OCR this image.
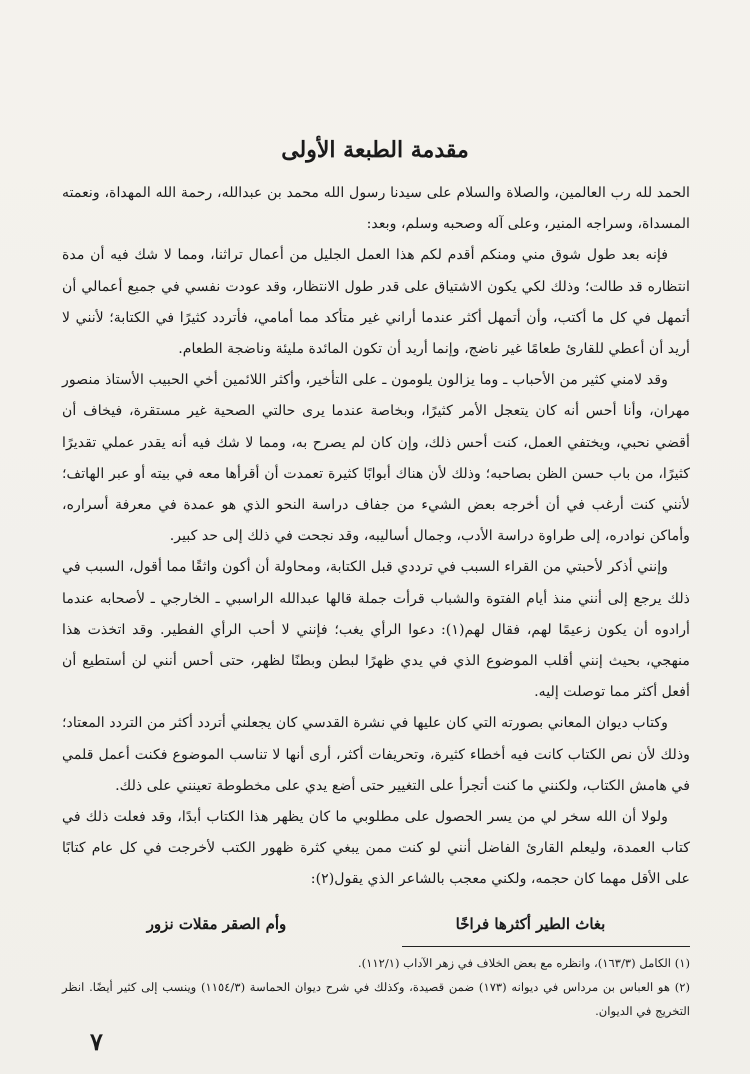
مقدمة الطبعة الأولى

الحمد لله رب العالمين، والصلاة والسلام على سيدنا رسول الله محمد بن عبدالله، رحمة الله المهداة، ونعمته المسداة، وسراجه المنير، وعلى آله وصحبه وسلم، وبعد:

فإنه بعد طول شوق مني ومنكم أقدم لكم هذا العمل الجليل من أعمال تراثنا، ومما لا شك فيه أن مدة انتظاره قد طالت؛ وذلك لكي يكون الاشتياق على قدر طول الانتظار، وقد عودت نفسي في جميع أعمالي أن أتمهل في كل ما أكتب، وأن أتمهل أكثر عندما أراني غير متأكد مما أمامي، فأتردد كثيرًا في الكتابة؛ لأنني لا أريد أن أعطي للقارئ طعامًا غير ناضج، وإنما أريد أن تكون المائدة مليئة وناضجة الطعام.

وقد لامني كثير من الأحباب ـ وما يزالون يلومون ـ على التأخير، وأكثر اللائمين أخي الحبيب الأستاذ منصور مهران، وأنا أحس أنه كان يتعجل الأمر كثيرًا، وبخاصة عندما يرى حالتي الصحية غير مستقرة، فيخاف أن أقضي نحبي، ويختفي العمل، كنت أحس ذلك، وإن كان لم يصرح به، ومما لا شك فيه أنه يقدر عملي تقديرًا كثيرًا، من باب حسن الظن بصاحبه؛ وذلك لأن هناك أبوابًا كثيرة تعمدت أن أقرأها معه في بيته أو عبر الهاتف؛ لأنني كنت أرغب في أن أخرجه بعض الشيء من جفاف دراسة النحو الذي هو عمدة في معرفة أسراره، وأماكن نوادره، إلى طراوة دراسة الأدب، وجمال أساليبه، وقد نجحت في ذلك إلى حد كبير.

وإنني أذكر لأحبتي من القراء السبب في ترددي قبل الكتابة، ومحاولة أن أكون واثقًا مما أقول، السبب في ذلك يرجع إلى أنني منذ أيام الفتوة والشباب قرأت جملة قالها عبدالله الراسبي ـ الخارجي ـ لأصحابه عندما أرادوه أن يكون زعيمًا لهم، فقال لهم(١): دعوا الرأي يغب؛ فإنني لا أحب الرأي الفطير. وقد اتخذت هذا منهجي، بحيث إنني أقلب الموضوع الذي في يدي ظهرًا لبطن وبطنًا لظهر، حتى أحس أنني لن أستطيع أن أفعل أكثر مما توصلت إليه.

وكتاب ديوان المعاني بصورته التي كان عليها في نشرة القدسي كان يجعلني أتردد أكثر من التردد المعتاد؛ وذلك لأن نص الكتاب كانت فيه أخطاء كثيرة، وتحريفات أكثر، أرى أنها لا تناسب الموضوع فكنت أعمل قلمي في هامش الكتاب، ولكنني ما كنت أتجرأ على التغيير حتى أضع يدي على مخطوطة تعينني على ذلك.

ولولا أن الله سخر لي من يسر الحصول على مطلوبي ما كان يظهر هذا الكتاب أبدًا، وقد فعلت ذلك في كتاب العمدة، وليعلم القارئ الفاضل أنني لو كنت ممن يبغي كثرة ظهور الكتب لأخرجت في كل عام كتابًا على الأقل مهما كان حجمه، ولكني معجب بالشاعر الذي يقول(٢):

بغاث الطير أكثرها فراخًا
وأم الصقر مقلات نزور

(١) الكامل (١٦٣/٣)، وانظره مع بعض الخلاف في زهر الآداب (١١٢/١).

(٢) هو العباس بن مرداس في ديوانه (١٧٣) ضمن قصيدة، وكذلك في شرح ديوان الحماسة (١١٥٤/٣) وينسب إلى كثير أيضًا. انظر التخريج في الديوان.

٧
